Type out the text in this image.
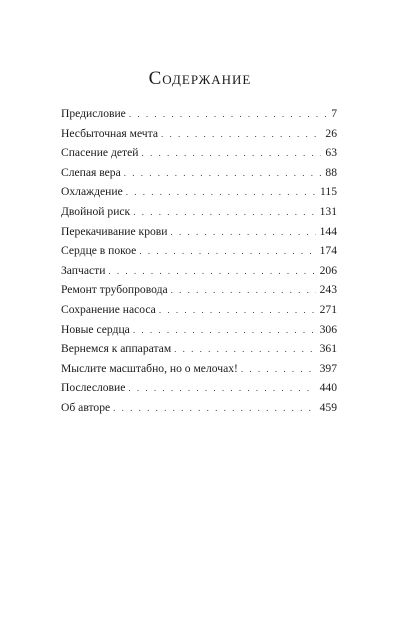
Содержание
Предисловие . . .	7
Несбыточная мечта . . .	26
Спасение детей . . .	63
Слепая вера . . .	88
Охлаждение . . .	115
Двойной риск . . .	131
Перекачивание крови . . .	144
Сердце в покое . . .	174
Запчасти . . .	206
Ремонт трубопровода . . .	243
Сохранение насоса . . .	271
Новые сердца . . .	306
Вернемся к аппаратам . . .	361
Мыслите масштабно, но о мелочах! . . .	397
Послесловие . . .	440
Об авторе . . .	459
